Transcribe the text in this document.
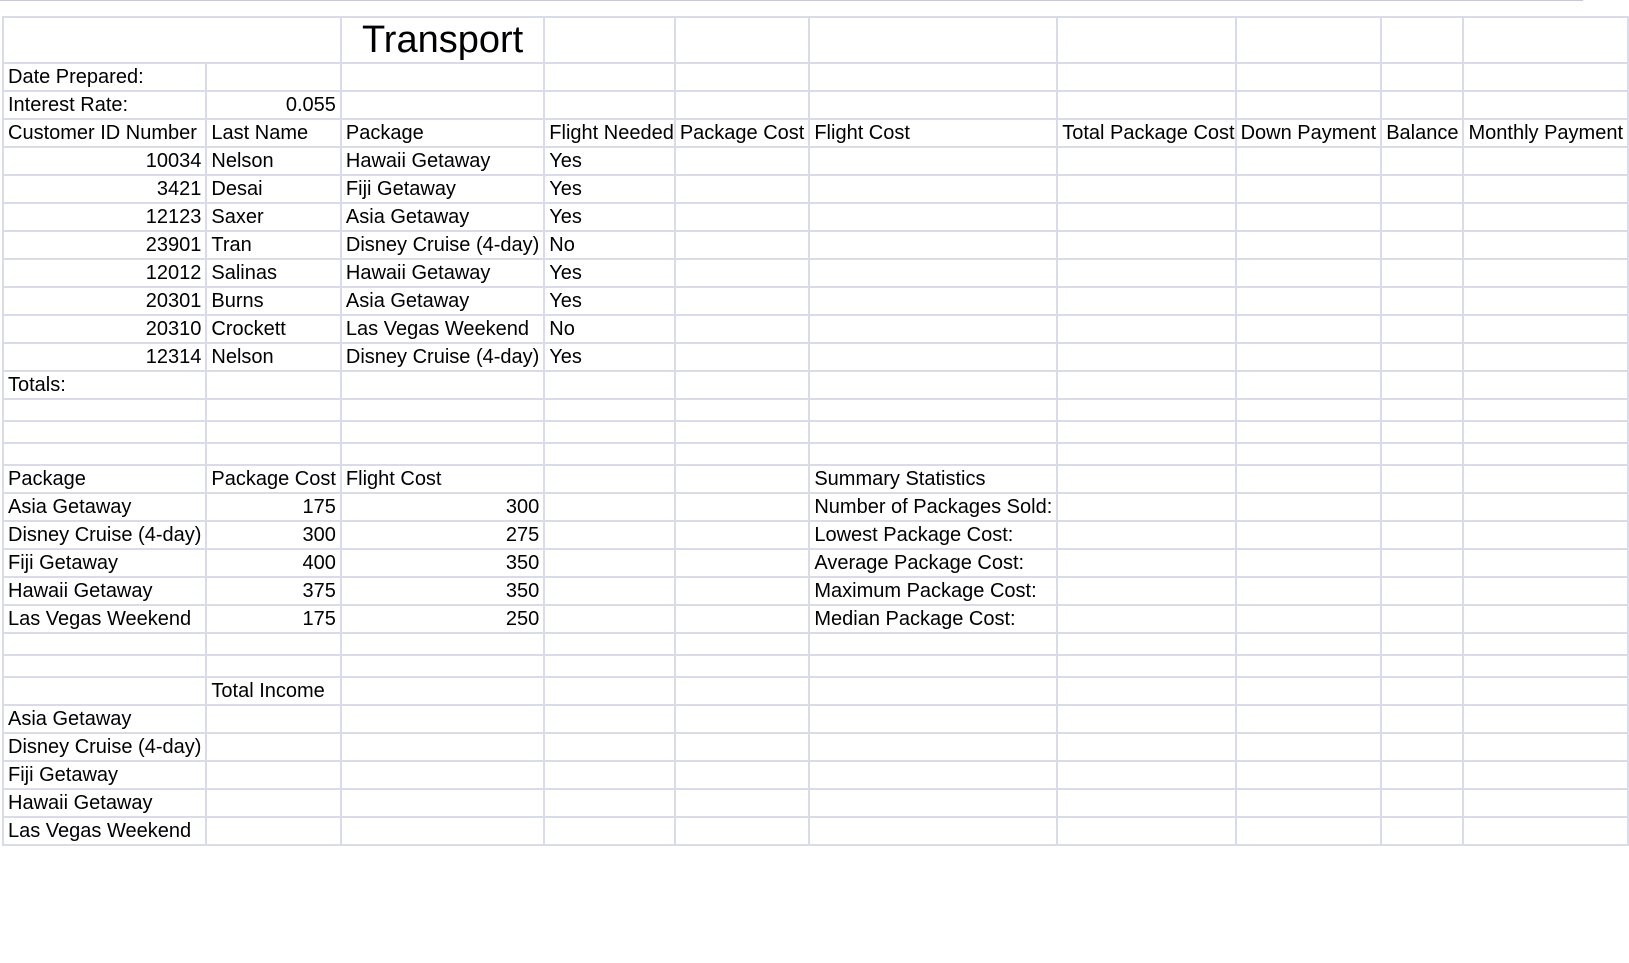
		Transport							
Date Prepared:									
Interest Rate:	0.055								
Customer ID Number	Last Name	Package	Flight Needed	Package Cost	Flight Cost	Total Package Cost	Down Payment	Balance	Monthly Payment
10034	Nelson	Hawaii Getaway	Yes						
3421	Desai	Fiji Getaway	Yes						
12123	Saxer	Asia Getaway	Yes						
23901	Tran	Disney Cruise (4-day)	No						
12012	Salinas	Hawaii Getaway	Yes						
20301	Burns	Asia Getaway	Yes						
20310	Crockett	Las Vegas Weekend	No						
12314	Nelson	Disney Cruise (4-day)	Yes						
Totals:									

Package	Package Cost	Flight Cost			Summary Statistics				
Asia Getaway	175	300			Number of Packages Sold:				
Disney Cruise (4-day)	300	275			Lowest Package Cost:				
Fiji Getaway	400	350			Average Package Cost:				
Hawaii Getaway	375	350			Maximum Package Cost:				
Las Vegas Weekend	175	250			Median Package Cost:				

	Total Income								
Asia Getaway									
Disney Cruise (4-day)									
Fiji Getaway									
Hawaii Getaway									
Las Vegas Weekend									
